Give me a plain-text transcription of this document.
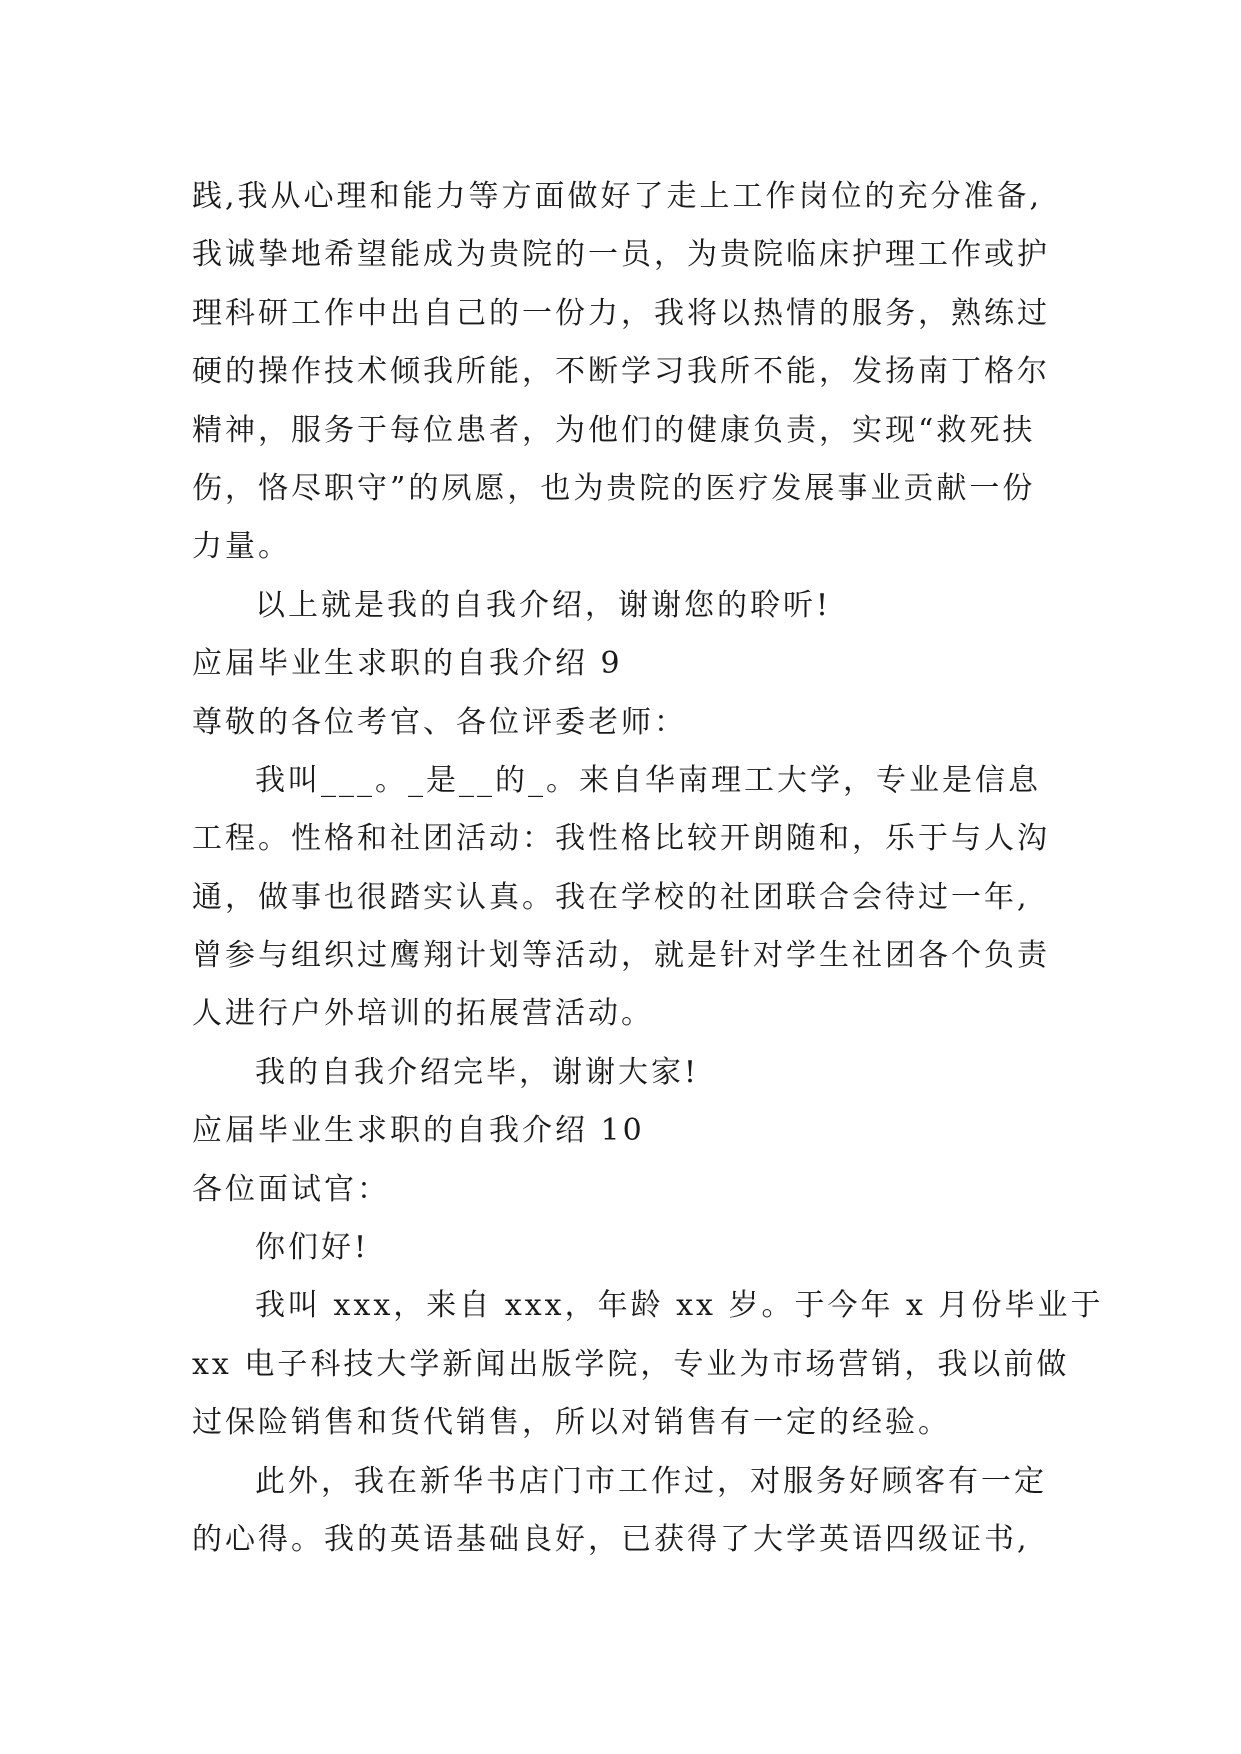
践,我从心理和能力等方面做好了走上工作岗位的充分准备,

我诚挚地希望能成为贵院的一员，为贵院临床护理工作或护

理科研工作中出自己的一份力，我将以热情的服务，熟练过

硬的操作技术倾我所能，不断学习我所不能，发扬南丁格尔

精神，服务于每位患者，为他们的健康负责，实现“救死扶

伤，恪尽职守”的夙愿，也为贵院的医疗发展事业贡献一份

力量。

以上就是我的自我介绍，谢谢您的聆听!

应届毕业生求职的自我介绍 9

尊敬的各位考官、各位评委老师：

我叫___。_是__的_。来自华南理工大学，专业是信息

工程。性格和社团活动：我性格比较开朗随和，乐于与人沟

通，做事也很踏实认真。我在学校的社团联合会待过一年,

曾参与组织过鹰翔计划等活动，就是针对学生社团各个负责

人进行户外培训的拓展营活动。

我的自我介绍完毕，谢谢大家!

应届毕业生求职的自我介绍 10

各位面试官：

你们好!

我叫 xxx，来自 xxx，年龄 xx 岁。于今年 x 月份毕业于

xx 电子科技大学新闻出版学院，专业为市场营销，我以前做

过保险销售和货代销售，所以对销售有一定的经验。

此外，我在新华书店门市工作过，对服务好顾客有一定

的心得。我的英语基础良好，已获得了大学英语四级证书,
